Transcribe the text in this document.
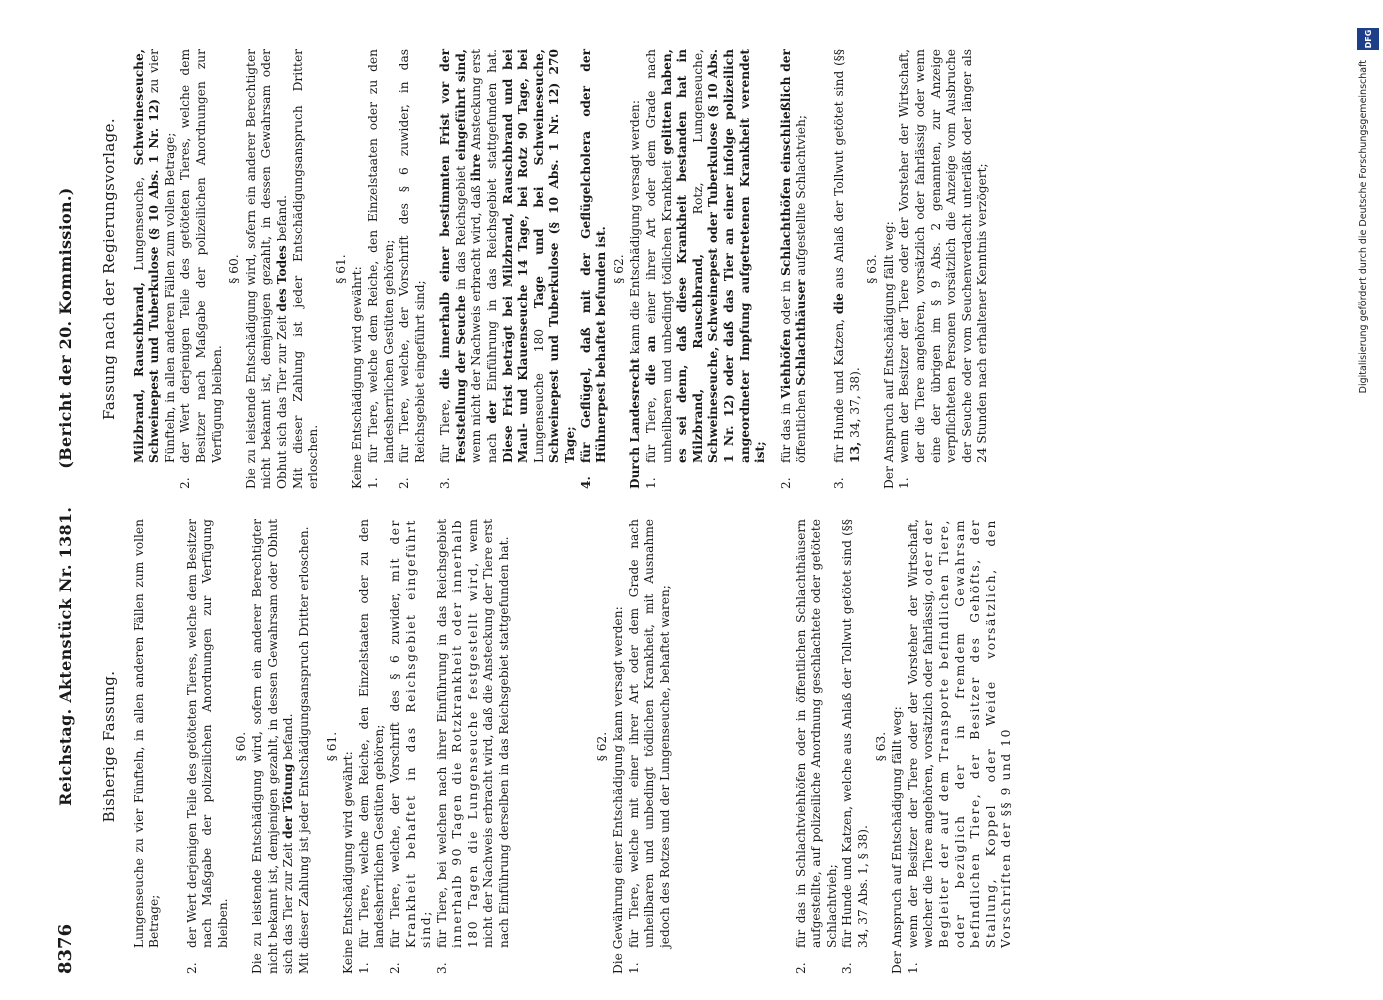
8376
Reichstag. Aktenstück Nr. 1381.
(Bericht der 20. Kommission.)
Bisherige Fassung. Lungenseuche zu vier Fünfteln, in allen anderen Fällen zum vollen Betrage;

2.
der Wert derjenigen Teile des getöteten Tieres, welche dem Besitzer nach Maßgabe der polizeilichen Anordnungen zur Verfügung bleiben.
§ 60. Die zu leistende Entschädigung wird, sofern ein anderer Berechtigter nicht bekannt ist, demjenigen gezahlt, in dessen Gewahrsam oder Obhut sich das Tier zur Zeit der Tötung befand. Mit dieser Zahlung ist jeder Entschädigungsanspruch Dritter erloschen. § 61.

Keine Entschädigung wird gewährt: 1.
für Tiere, welche dem Reiche, den Einzelstaaten oder zu den landesherrlichen Gestüten gehören;
2.
für Tiere, welche, der Vorschrift des § 6 zuwider, mit der Krankheit behaftet in das Reichsgebiet eingeführt sind;
3.
für Tiere, bei welchen nach ihrer Einführung in das Reichsgebiet innerhalb 90 Tagen die Rotzkrankheit oder innerhalb 180 Tagen die Lungenseuche festgestellt wird, wenn nicht der Nachweis erbracht wird, daß die Ansteckung der Tiere erst nach Einführung derselben in das Reichsgebiet stattgefunden hat.	§ 62. Die Gewährung einer Entschädigung kann versagt werden: 1.
für Tiere, welche mit einer ihrer Art oder dem Grade nach unheilbaren und unbedingt tödlichen Krankheit, mit Ausnahme jedoch des Rotzes und der Lungenseuche, behaftet waren;
2.
für das in Schlachtviehhöfen oder in öffentlichen Schlachthäusern aufgestellte, auf polizeiliche Anordnung geschlachtete oder getötete Schlachtvieh;
3.
für Hunde und Katzen, welche aus Anlaß der Tollwut getötet sind (§§ 34, 37 Abs. 1, § 38).
§ 63. Der Anspruch auf Entschädigung fällt weg: 1.
wenn der Besitzer der Tiere oder der Vorsteher der Wirtschaft, welcher die Tiere angehören, vorsätzlich oder fahrlässig, oder der Begleiter der auf dem Transporte befindlichen Tiere, oder bezüglich der in fremdem Gewahrsam befindlichen Tiere, der Besitzer des Gehöfts, der Stallung, Koppel oder Weide vorsätzlich, den Vorschriften der §§ 9 und 10
Fassung nach der Regierungsvorlage. Milzbrand, Rauschbrand, Lungenseuche, Schweineseuche, Schweinepest und Tuberkulose (§ 10 Abs. 1 Nr. 12) zu vier Fünfteln, in allen anderen Fällen zum vollen Betrage;

2.
der Wert derjenigen Teile des getöteten Tieres, welche dem Besitzer nach Maßgabe der polizeilichen Anordnungen zur Verfügung bleiben.
§ 60. Die zu leistende Entschädigung wird, sofern ein anderer Berechtigter nicht bekannt ist, demjenigen gezahlt, in dessen Gewahrsam oder Obhut sich das Tier zur Zeit des Todes befand. Mit dieser Zahlung ist jeder Entschädigungsanspruch Dritter erloschen.

§ 61. Keine Entschädigung wird gewährt: 1.
für Tiere, welche dem Reiche, den Einzelstaaten oder zu den landesherrlichen Gestüten gehören;
2.
für Tiere, welche, der Vorschrift des § 6 zuwider, in das Reichsgebiet eingeführt sind;
3.
für Tiere, die innerhalb einer bestimmten Frist vor der Feststellung der Seuche in das Reichsgebiet eingeführt sind, wenn nicht der Nachweis erbracht wird, daß ihre Ansteckung erst nach der Einführung in das Reichsgebiet stattgefunden hat. Diese Frist beträgt bei Milzbrand, Rauschbrand und bei Maul- und Klauenseuche 14 Tage, bei Rotz 90 Tage, bei Lungenseuche 180 Tage und bei Schweineseuche, Schweinepest und Tuberkulose (§ 10 Abs. 1 Nr. 12) 270 Tage;
4.
für Geflügel, daß mit der Geflügelcholera oder der Hühnerpest behaftet befunden ist. § 62.

Durch Landesrecht kann die Entschädigung versagt werden:

1.
für Tiere, die an einer ihrer Art oder dem Grade nach unheilbaren und unbedingt tödlichen Krankheit gelitten haben, es sei denn, daß diese Krankheit bestanden hat in Milzbrand, Rauschbrand, Rotz, Lungenseuche, Schweineseuche, Schweinepest oder Tuberkulose (§ 10 Abs. 1 Nr. 12) oder daß das Tier an einer infolge polizeilich angeordneter Impfung aufgetretenen Krankheit verendet ist;
2.
für das in Viehhöfen oder in Schlachthöfen einschließlich der öffentlichen Schlachthäuser aufgestellte Schlachtvieh;
3.
für Hunde und Katzen, die aus Anlaß der Tollwut getötet sind (§§ 13, 34, 37, 38).
§ 63. Der Anspruch auf Entschädigung fällt weg: 1.
wenn der Besitzer der Tiere oder der Vorsteher der Wirtschaft, der die Tiere angehören, vorsätzlich oder fahrlässig oder wenn eine der übrigen im § 9 Abs. 2 genannten, zur Anzeige verpflichteten Personen vorsätzlich die Anzeige vom Ausbruche der Seuche oder vom Seuchenverdacht unterläßt oder länger als 24 Stunden nach erhaltener Kenntnis verzögert;
DFG
Digitalisierung gefördert durch die Deutsche Forschungsgemeinschaft
